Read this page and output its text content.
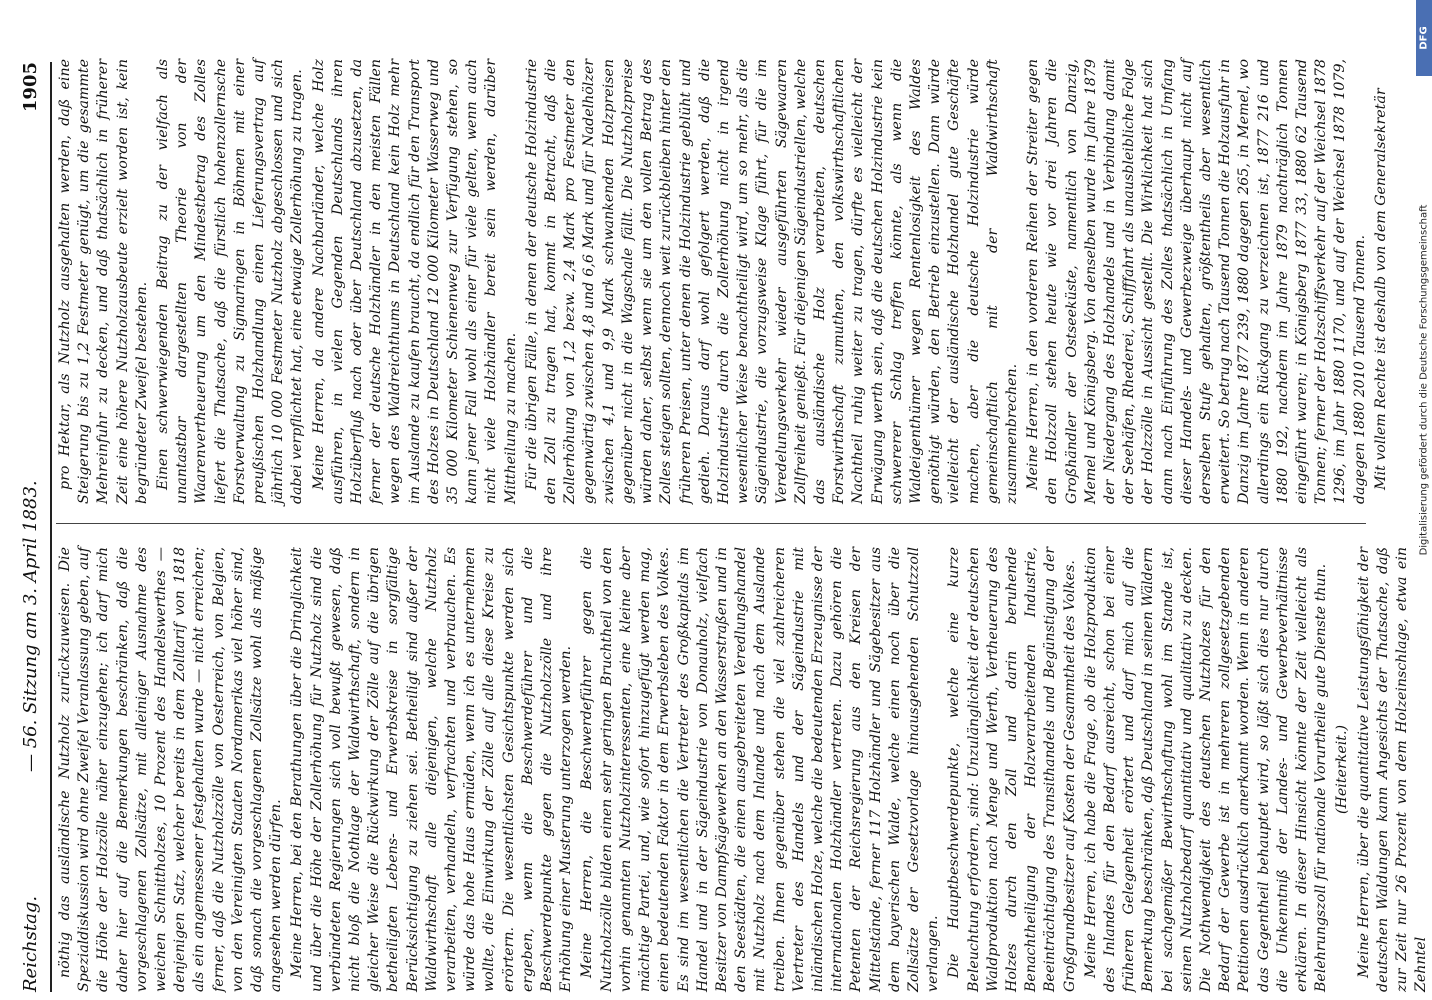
Reichstag.
— 56. Sitzung am 3. April 1883.
1905

nöthig das ausländische Nutzholz zurückzuweisen. Die Spezialdiskussion wird ohne Zweifel Veranlassung geben, auf die Höhe der Holzzölle näher einzugehen; ich darf mich daher hier auf die Bemerkungen beschränken, daß die vorgeschlagenen Zollsätze, mit alleiniger Ausnahme des weichen Schnittholzes, 10 Prozent des Handelswerthes — denjenigen Satz, welcher bereits in dem Zolltarif von 1818 als ein angemessener festgehalten wurde — nicht erreichen; ferner, daß die Nutzholzzölle von Oesterreich, von Belgien, von den Vereinigten Staaten Nordamerikas viel höher sind, daß sonach die vorgeschlagenen Zollsätze wohl als mäßige angesehen werden dürfen. Meine Herren, bei den Berathungen über die Dringlichkeit und über die Höhe der Zollerhöhung für Nutzholz sind die verbündeten Regierungen sich voll bewußt gewesen, daß nicht bloß die Nothlage der Waldwirthschaft, sondern in gleicher Weise die Rückwirkung der Zölle auf die übrigen betheiligten Lebens- und Erwerbskreise in sorgfältige Berücksichtigung zu ziehen sei. Betheiligt sind außer der Waldwirthschaft alle diejenigen, welche Nutzholz verarbeiten, verhandeln, verfrachten und verbrauchen. Es würde das hohe Haus ermüden, wenn ich es unternehmen wollte, die Einwirkung der Zölle auf alle diese Kreise zu erörtern. Die wesentlichsten Gesichtspunkte werden sich ergeben, wenn die Beschwerdeführer und die Beschwerdepunkte gegen die Nutzholzzölle und ihre Erhöhung einer Musterung unterzogen werden. Meine Herren, die Beschwerdeführer gegen die Nutzholzzölle bilden einen sehr geringen Bruchtheil von den vorhin genannten Nutzholzinteressenten, eine kleine aber mächtige Partei, und, wie sofort hinzugefügt werden mag, einen bedeutenden Faktor in dem Erwerbsleben des Volkes. Es sind im wesentlichen die Vertreter des Großkapitals im Handel und in der Sägeindustrie von Donauholz, vielfach Besitzer von Dampfsägewerken an den Wasserstraßen und in den Seestädten, die einen ausgebreiteten Veredlungshandel mit Nutzholz nach dem Inlande und nach dem Auslande treiben. Ihnen gegenüber stehen die viel zahlreicheren Vertreter des Handels und der Sägeindustrie mit inländischen Holze, welche die bedeutenden Erzeugnisse der internationalen Holzhändler vertreten. Dazu gehören die Petenten der Reichsregierung aus den Kreisen der Mittelstände, ferner 117 Holzhändler und Sägebesitzer aus dem bayerischen Walde, welche einen noch über die Zollsätze der Gesetzvorlage hinausgehenden Schutzzoll verlangen. Die Hauptbeschwerdepunkte, welche eine kurze Beleuchtung erfordern, sind: Unzulänglichkeit der deutschen Waldproduktion nach Menge und Werth, Vertheuerung des Holzes durch den Zoll und darin beruhende Benachtheiligung der Holzverarbeitenden Industrie, Beeinträchtigung des Transithandels und Begünstigung der Großgrundbesitzer auf Kosten der Gesammtheit des Volkes. Meine Herren, ich habe die Frage, ob die Holzproduktion des Inlandes für den Bedarf ausreicht, schon bei einer früheren Gelegenheit erörtert und darf mich auf die Bemerkung beschränken, daß Deutschland in seinen Wäldern bei sachgemäßer Bewirthschaftung wohl im Stande ist, seinen Nutzholzbedarf quantitativ und qualitativ zu decken. Die Nothwendigkeit des deutschen Nutzholzes für den Bedarf der Gewerbe ist in mehreren zollgesetzgebenden Petitionen ausdrücklich anerkannt worden. Wenn in anderen das Gegentheil behauptet wird, so läßt sich dies nur durch die Unkenntniß der Landes- und Gewerbeverhältnisse erklären. In dieser Hinsicht könnte der Zeit vielleicht als Belehrungszoll für nationale Vorurtheile gute Dienste thun. (Heiterkeit.) Meine Herren, über die quantitative Leistungsfähigkeit der deutschen Waldungen kann Angesichts der Thatsache, daß zur Zeit nur 26 Prozent von dem Holzeinschlage, etwa ein Zehntel

pro Hektar, als Nutzholz ausgehalten werden, daß eine Steigerung bis zu 1,2 Festmeter genügt, um die gesammte Mehreinfuhr zu decken, und daß thatsächlich in früherer Zeit eine höhere Nutzholzausbeute erzielt worden ist, kein begründeter Zweifel bestehen. Einen schwerwiegenden Beitrag zu der vielfach als unantastbar dargestellten Theorie von der Waarenvertheuerung um den Mindestbetrag des Zolles liefert die Thatsache, daß die fürstlich hohenzollernsche Forstverwaltung zu Sigmaringen in Böhmen mit einer preußischen Holzhandlung einen Lieferungsvertrag auf jährlich 10 000 Festmeter Nutzholz abgeschlossen und sich dabei verpflichtet hat, eine etwaige Zollerhöhung zu tragen. Meine Herren, da andere Nachbarländer, welche Holz ausführen, in vielen Gegenden Deutschlands ihren Holzüberfluß nach oder über Deutschland abzusetzen, da ferner der deutsche Holzhändler in den meisten Fällen wegen des Waldreichthums in Deutschland kein Holz mehr im Auslande zu kaufen braucht, da endlich für den Transport des Holzes in Deutschland 12 000 Kilometer Wasserweg und 35 000 Kilometer Schienenweg zur Verfügung stehen, so kann jener Fall wohl als einer für viele gelten, wenn auch nicht viele Holzhändler bereit sein werden, darüber Mittheilung zu machen. Für die übrigen Fälle, in denen der deutsche Holzindustrie den Zoll zu tragen hat, kommt in Betracht, daß die Zollerhöhung von 1,2 bezw. 2,4 Mark pro Festmeter den gegenwärtig zwischen 4,8 und 6,6 Mark und für Nadelhölzer zwischen 4,1 und 9,9 Mark schwankenden Holzpreisen gegenüber nicht in die Wagschale fällt. Die Nutzholzpreise würden daher, selbst wenn sie um den vollen Betrag des Zolles steigen sollten, dennoch weit zurückbleiben hinter den früheren Preisen, unter denen die Holzindustrie geblüht und gedieh. Daraus darf wohl gefolgert werden, daß die Holzindustrie durch die Zollerhöhung nicht in irgend wesentlicher Weise benachtheiligt wird, um so mehr, als die Sägeindustrie, die vorzugsweise Klage führt, für die im Veredelungsverkehr wieder ausgeführten Sägewaaren Zollfreiheit genießt. Für diejenigen Sägeindustriellen, welche das ausländische Holz verarbeiten, deutschen Forstwirthschaft zumuthen, den volkswirthschaftlichen Nachtheil ruhig weiter zu tragen, dürfte es vielleicht der Erwägung werth sein, daß die deutschen Holzindustrie kein schwererer Schlag treffen könnte, als wenn die Waldeigenthümer wegen Rentenlosigkeit des Waldes genöthigt würden, den Betrieb einzustellen. Dann würde vielleicht der ausländische Holzhandel gute Geschäfte machen, aber die deutsche Holzindustrie würde gemeinschaftlich mit der Waldwirthschaft zusammenbrechen. Meine Herren, in den vorderen Reihen der Streiter gegen den Holzzoll stehen heute wie vor drei Jahren die Großhändler der Ostseeküste, namentlich von Danzig, Memel und Königsberg. Von denselben wurde im Jahre 1879 der Niedergang des Holzhandels und in Verbindung damit der Seehäfen, Rhederei, Schifffahrt als unausbleibliche Folge der Holzzölle in Aussicht gestellt. Die Wirklichkeit hat sich dann nach Einführung des Zolles thatsächlich in Umfang dieser Handels- und Gewerbezweige überhaupt nicht auf derselben Stufe gehalten, größtentheils aber wesentlich erweitert. So betrug nach Tausend Tonnen die Holzausfuhr in Danzig im Jahre 1877 239, 1880 dagegen 265, in Memel, wo allerdings ein Rückgang zu verzeichnen ist, 1877 216 und 1880 192, nachdem im Jahre 1879 nachträglich Tonnen eingeführt waren; in Königsberg 1877 33, 1880 62 Tausend Tonnen; ferner der Holzschiffsverkehr auf der Weichsel 1878 1296, im Jahr 1880 1170, und auf der Weichsel 1878 1079, dagegen 1880 2010 Tausend Tonnen. Mit vollem Rechte ist deshalb von dem Generalsekretär

DFG
Digitalisierung gefördert durch die Deutsche Forschungsgemeinschaft
